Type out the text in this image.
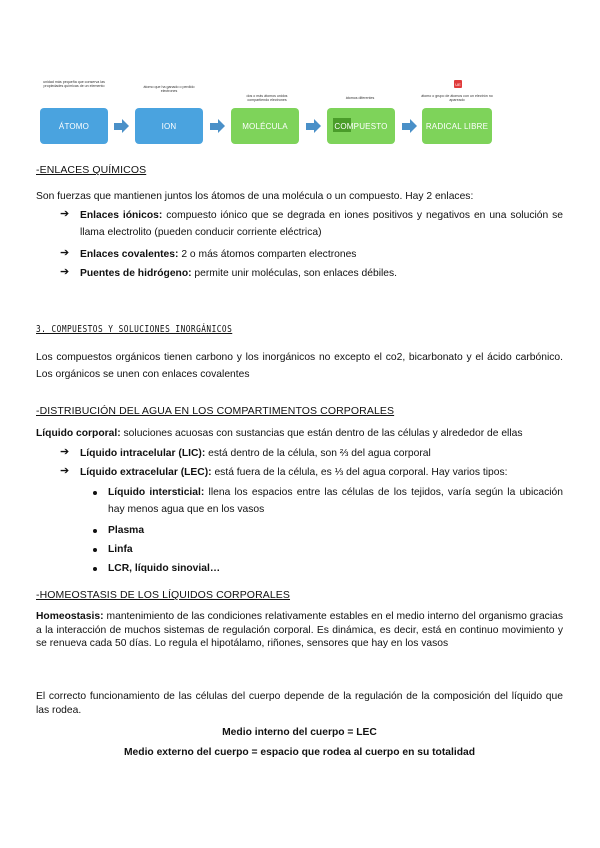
unidad más pequeña que conserva las propiedades químicas de un elemento	átomo que ha ganado o perdido electrones
dos o más átomos unidos compartiendo electrones
átomos diferentes
UE
átomo o grupo de átomos con un electrón no apareado
ÁTOMO	ION	MOLÉCULA	COMPUESTO	RADICAL LIBRE
-ENLACES QUÍMICOS
Son fuerzas que mantienen juntos los átomos de una molécula o un compuesto. Hay 2 enlaces:
➔ Enlaces iónicos: compuesto iónico que se degrada en iones positivos y negativos en una solución se llama electrolito (pueden conducir corriente eléctrica)
➔ Enlaces covalentes: 2 o más átomos comparten electrones
➔ Puentes de hidrógeno: permite unir moléculas, son enlaces débiles.
3. COMPUESTOS Y SOLUCIONES INORGÁNICOS
Los compuestos orgánicos tienen carbono y los inorgánicos no excepto el co2, bicarbonato y el ácido carbónico. Los orgánicos se unen con enlaces covalentes
-DISTRIBUCIÓN DEL AGUA EN LOS COMPARTIMENTOS CORPORALES
Líquido corporal: soluciones acuosas con sustancias que están dentro de las células y alrededor de ellas
➔ Líquido intracelular (LIC): está dentro de la célula, son ⅔ del agua corporal
➔ Líquido extracelular (LEC): está fuera de la célula, es ⅓ del agua corporal. Hay varios tipos:
Líquido intersticial: llena los espacios entre las células de los tejidos, varía según la ubicación hay menos agua que en los vasos
Plasma
Linfa
LCR, líquido sinovial…
-HOMEOSTASIS DE LOS LÍQUIDOS CORPORALES
Homeostasis: mantenimiento de las condiciones relativamente estables en el medio interno del organismo gracias a la interacción de muchos sistemas de regulación corporal. Es dinámica, es decir, está en continuo movimiento y se renueva cada 50 días. Lo regula el hipotálamo, riñones, sensores que hay en los vasos
El correcto funcionamiento de las células del cuerpo depende de la regulación de la composición del líquido que las rodea.
Medio interno del cuerpo = LEC
Medio externo del cuerpo = espacio que rodea al cuerpo en su totalidad
